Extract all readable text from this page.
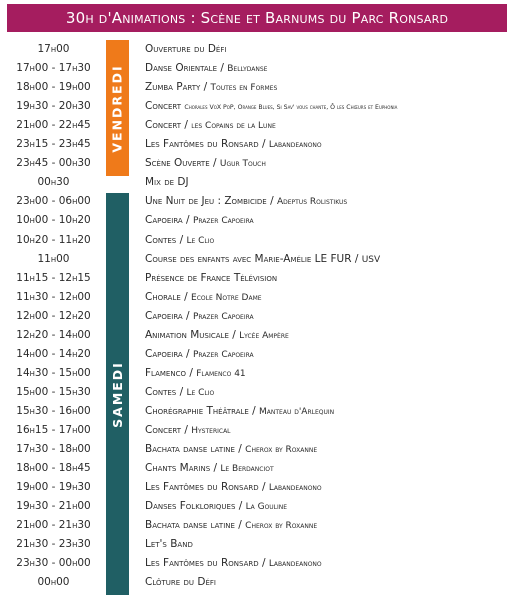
30h d'Animations : Scène et Barnums du Parc Ronsard
VENDREDI
SAMEDI
17h00	Ouverture du Défi
17h00 - 17h30	Danse Orientale / Bellydanse
18h00 - 19h00	Zumba Party / Toutes en Formes
19h30 - 20h30	Concert Chorales VoX PoP, Orange Blues, Si Sav' vous chante, Ô les Chœurs et Euphonia
21h00 - 22h45	Concert / les Copains de la Lune
23h15 - 23h45	Les Fantômes du Ronsard / Labandeanono
23h45 - 00h30	Scène Ouverte / Ugur Touch
00h30	Mix de DJ
23h00 - 06h00	Une Nuit de Jeu : Zombicide / Adeptus Rolistikus
10h00 - 10h20	Capoeira / Prazer Capoeira
10h20 - 11h20	Contes / Le Clio
11h00	Course des enfants avec Marie-Amélie LE FUR / USV
11h15 - 12h15	Présence de France Télévision
11h30 - 12h00	Chorale / Ecole Notre Dame
12h00 - 12h20	Capoeira / Prazer Capoeira
12h20 - 14h00	Animation Musicale / Lycée Ampère
14h00 - 14h20	Capoeira / Prazer Capoeira
14h30 - 15h00	Flamenco / Flamenco 41
15h00 - 15h30	Contes / Le Clio
15h30 - 16h00	Chorégraphie Théâtrale / Manteau d'Arlequin
16h15 - 17h00	Concert / Hysterical
17h30 - 18h00	Bachata danse latine / Cherox by Roxanne
18h00 - 18h45	Chants Marins / Le Berdanciot
19h00 - 19h30	Les Fantômes du Ronsard / Labandeanono
19h30 - 21h00	Danses Folkloriques / La Gouline
21h00 - 21h30	Bachata danse latine / Cherox by Roxanne
21h30 - 23h30	Let's Band
23h30 - 00h00	Les Fantômes du Ronsard / Labandeanono
00h00	Clôture du Défi
